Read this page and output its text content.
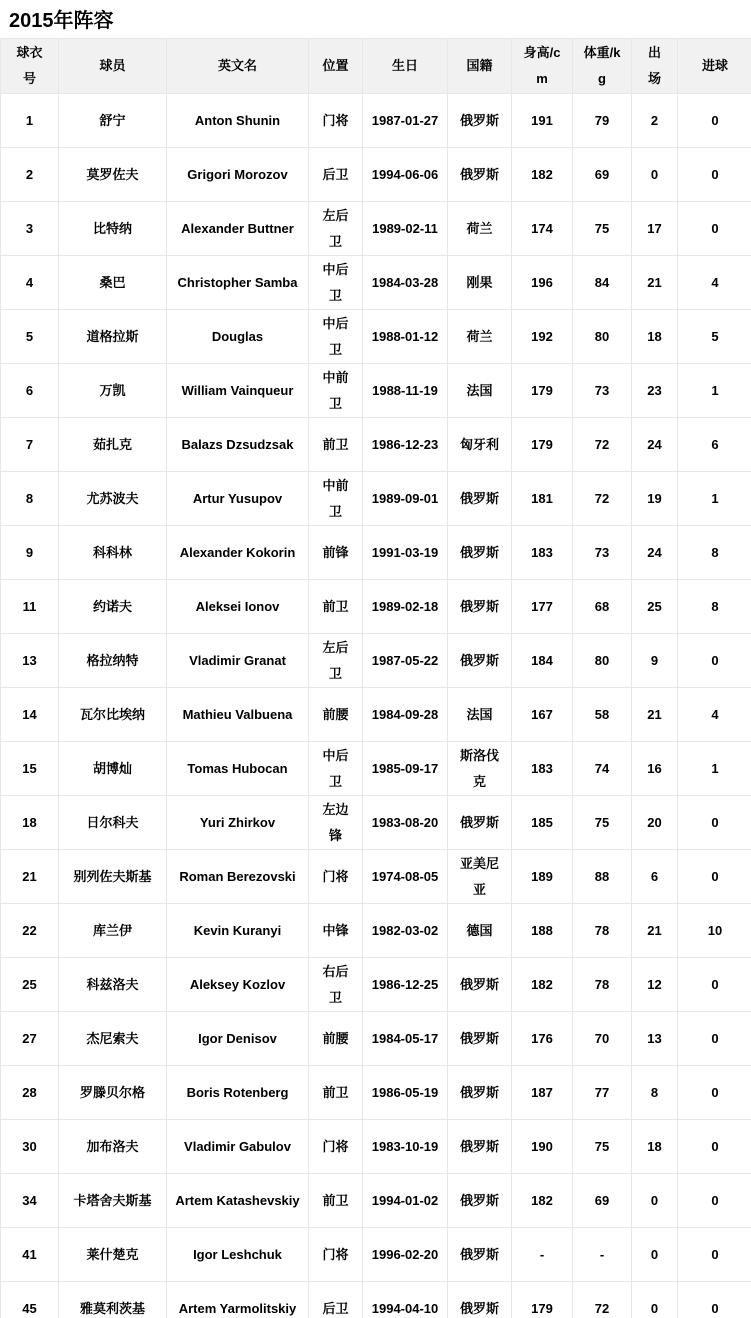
2015年阵容
球衣号	球员	英文名	位置	生日	国籍	身高/cm	体重/kg	出场	进球
1	舒宁	Anton Shunin	门将	1987-01-27	俄罗斯	191	79	2	0
2	莫罗佐夫	Grigori Morozov	后卫	1994-06-06	俄罗斯	182	69	0	0
3	比特纳	Alexander Buttner	左后卫	1989-02-11	荷兰	174	75	17	0
4	桑巴	Christopher Samba	中后卫	1984-03-28	刚果	196	84	21	4
5	道格拉斯	Douglas	中后卫	1988-01-12	荷兰	192	80	18	5
6	万凯	William Vainqueur	中前卫	1988-11-19	法国	179	73	23	1
7	茹扎克	Balazs Dzsudzsak	前卫	1986-12-23	匈牙利	179	72	24	6
8	尤苏波夫	Artur Yusupov	中前卫	1989-09-01	俄罗斯	181	72	19	1
9	科科林	Alexander Kokorin	前锋	1991-03-19	俄罗斯	183	73	24	8
11	约诺夫	Aleksei Ionov	前卫	1989-02-18	俄罗斯	177	68	25	8
13	格拉纳特	Vladimir Granat	左后卫	1987-05-22	俄罗斯	184	80	9	0
14	瓦尔比埃纳	Mathieu Valbuena	前腰	1984-09-28	法国	167	58	21	4
15	胡博灿	Tomas Hubocan	中后卫	1985-09-17	斯洛伐克	183	74	16	1
18	日尔科夫	Yuri Zhirkov	左边锋	1983-08-20	俄罗斯	185	75	20	0
21	别列佐夫斯基	Roman Berezovski	门将	1974-08-05	亚美尼亚	189	88	6	0
22	库兰伊	Kevin Kuranyi	中锋	1982-03-02	德国	188	78	21	10
25	科兹洛夫	Aleksey Kozlov	右后卫	1986-12-25	俄罗斯	182	78	12	0
27	杰尼索夫	Igor Denisov	前腰	1984-05-17	俄罗斯	176	70	13	0
28	罗滕贝尔格	Boris Rotenberg	前卫	1986-05-19	俄罗斯	187	77	8	0
30	加布洛夫	Vladimir Gabulov	门将	1983-10-19	俄罗斯	190	75	18	0
34	卡塔舍夫斯基	Artem Katashevskiy	前卫	1994-01-02	俄罗斯	182	69	0	0
41	莱什楚克	Igor Leshchuk	门将	1996-02-20	俄罗斯	-	-	0	0
45	雅莫利茨基	Artem Yarmolitskiy	后卫	1994-04-10	俄罗斯	179	72	0	0
